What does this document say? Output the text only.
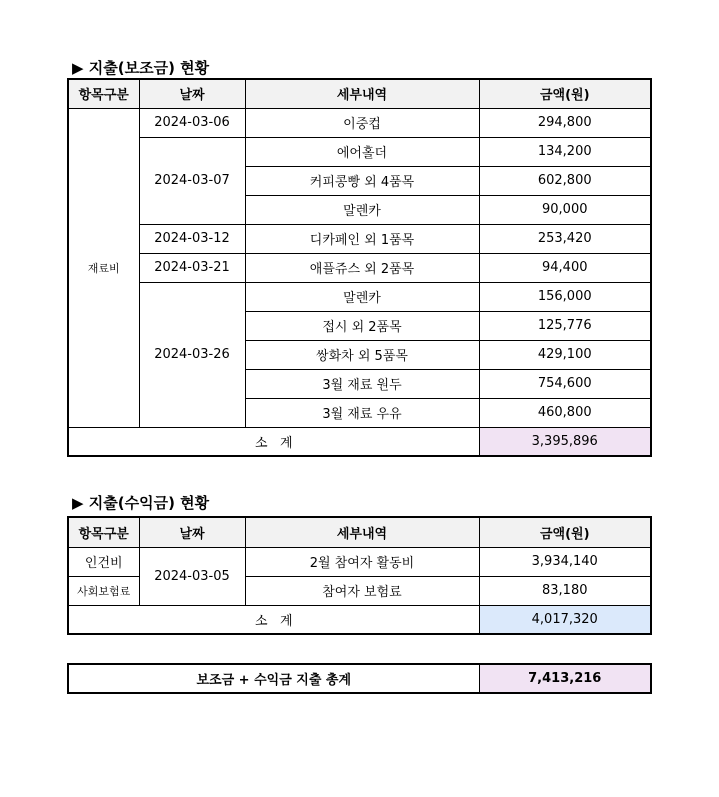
▶ 지출(보조금) 현황
항목구분	날짜	세부내역	금액(원)
재료비	2024-03-06	이중컵	294,800
	2024-03-07	에어홀더	134,200
		커피콩빵 외 4품목	602,800
		말렌카	90,000
	2024-03-12	디카페인 외 1품목	253,420
	2024-03-21	애플쥬스 외 2품목	94,400
	2024-03-26	말렌카	156,000
		접시 외 2품목	125,776
		쌍화차 외 5품목	429,100
		3월 재료 원두	754,600
		3월 재료 우유	460,800
소   계			3,395,896
▶ 지출(수익금) 현황
항목구분	날짜	세부내역	금액(원)
인건비	2024-03-05	2월 참여자 활동비	3,934,140
사회보험료		참여자 보험료	83,180
소   계			4,017,320
보조금 + 수익금 지출 총계	7,413,216
